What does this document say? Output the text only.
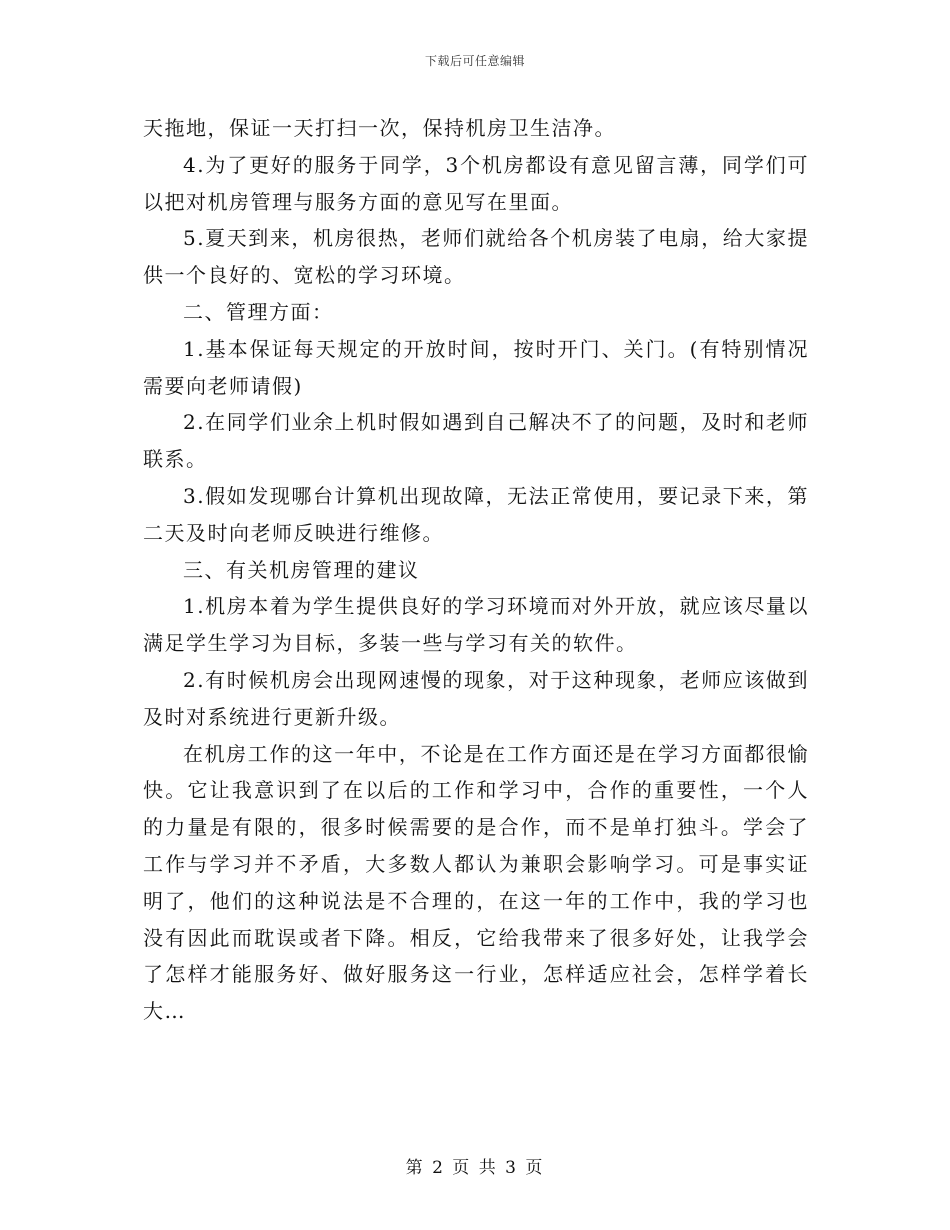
下载后可任意编辑

天拖地，保证一天打扫一次，保持机房卫生洁净。

4.为了更好的服务于同学，3个机房都设有意见留言薄，同学们可以把对机房管理与服务方面的意见写在里面。

5.夏天到来，机房很热，老师们就给各个机房装了电扇，给大家提供一个良好的、宽松的学习环境。

二、管理方面：

1.基本保证每天规定的开放时间，按时开门、关门。(有特别情况需要向老师请假)

2.在同学们业余上机时假如遇到自己解决不了的问题，及时和老师联系。

3.假如发现哪台计算机出现故障，无法正常使用，要记录下来，第二天及时向老师反映进行维修。

三、有关机房管理的建议

1.机房本着为学生提供良好的学习环境而对外开放，就应该尽量以满足学生学习为目标，多装一些与学习有关的软件。

2.有时候机房会出现网速慢的现象，对于这种现象，老师应该做到及时对系统进行更新升级。

在机房工作的这一年中，不论是在工作方面还是在学习方面都很愉快。它让我意识到了在以后的工作和学习中，合作的重要性，一个人的力量是有限的，很多时候需要的是合作，而不是单打独斗。学会了工作与学习并不矛盾，大多数人都认为兼职会影响学习。可是事实证明了，他们的这种说法是不合理的，在这一年的工作中，我的学习也没有因此而耽误或者下降。相反，它给我带来了很多好处，让我学会了怎样才能服务好、做好服务这一行业，怎样适应社会，怎样学着长大…

第 2 页 共 3 页
